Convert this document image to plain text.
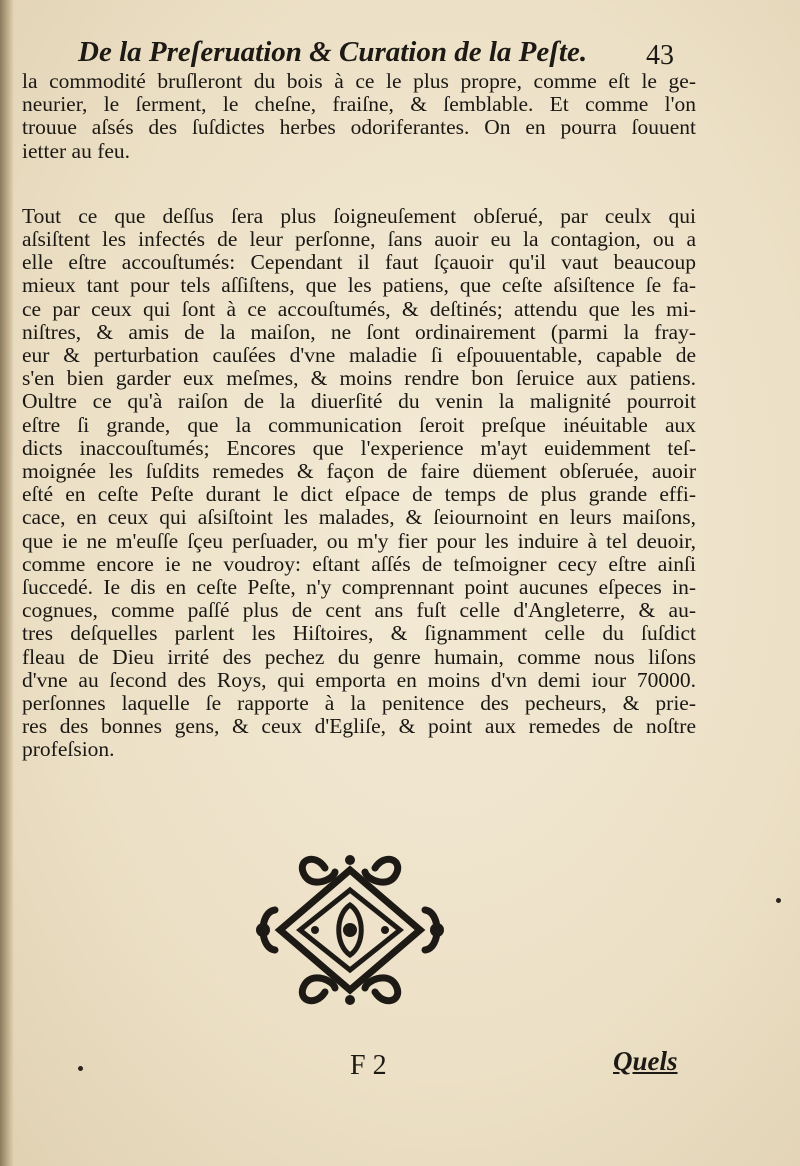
De la Preſeruation & Curation de la Peſte.	43
la commodité bruſleront du bois à ce le plus propre, comme eſt le ge-
neurier, le ſerment, le cheſne, fraiſne, & ſemblable. Et comme l'on
trouue aſsés des ſuſdictes herbes odoriferantes. On en pourra ſouuent
ietter au feu.
Tout ce que deſſus ſera plus ſoigneuſement obſerué, par ceulx qui
aſsiſtent les infectés de leur perſonne, ſans auoir eu la contagion, ou a
elle eſtre accouſtumés: Cependant il faut ſçauoir qu'il vaut beaucoup
mieux tant pour tels aſſiſtens, que les patiens, que ceſte aſsiſtence ſe fa-
ce par ceux qui ſont à ce accouſtumés, & deſtinés; attendu que les mi-
niſtres, & amis de la maiſon, ne ſont ordinairement (parmi la fray-
eur & perturbation cauſées d'vne maladie ſi eſpouuentable, capable de
s'en bien garder eux meſmes, & moins rendre bon ſeruice aux patiens.
Oultre ce qu'à raiſon de la diuerſité du venin la malignité pourroit
eſtre ſi grande, que la communication ſeroit preſque inéuitable aux
dicts inaccouſtumés; Encores que l'experience m'ayt euidemment teſ-
moignée les ſuſdits remedes & façon de faire düement obſeruée, auoir
eſté en ceſte Peſte durant le dict eſpace de temps de plus grande effi-
cace, en ceux qui aſsiſtoint les malades, & ſeiournoint en leurs maiſons,
que ie ne m'euſſe ſçeu perſuader, ou m'y fier pour les induire à tel deuoir,
comme encore ie ne voudroy: eſtant aſſés de teſmoigner cecy eſtre ainſi
ſuccedé. Ie dis en ceſte Peſte, n'y comprennant point aucunes eſpeces in-
cognues, comme paſſé plus de cent ans fuſt celle d'Angleterre, & au-
tres deſquelles parlent les Hiſtoires, & ſignamment celle du ſuſdict
fleau de Dieu irrité des pechez du genre humain, comme nous liſons
d'vne au ſecond des Roys, qui emporta en moins d'vn demi iour 70000.
perſonnes laquelle ſe rapporte à la penitence des pecheurs, & prie-
res des bonnes gens, & ceux d'Egliſe, & point aux remedes de noſtre
profeſsion.
F 2	Quels
